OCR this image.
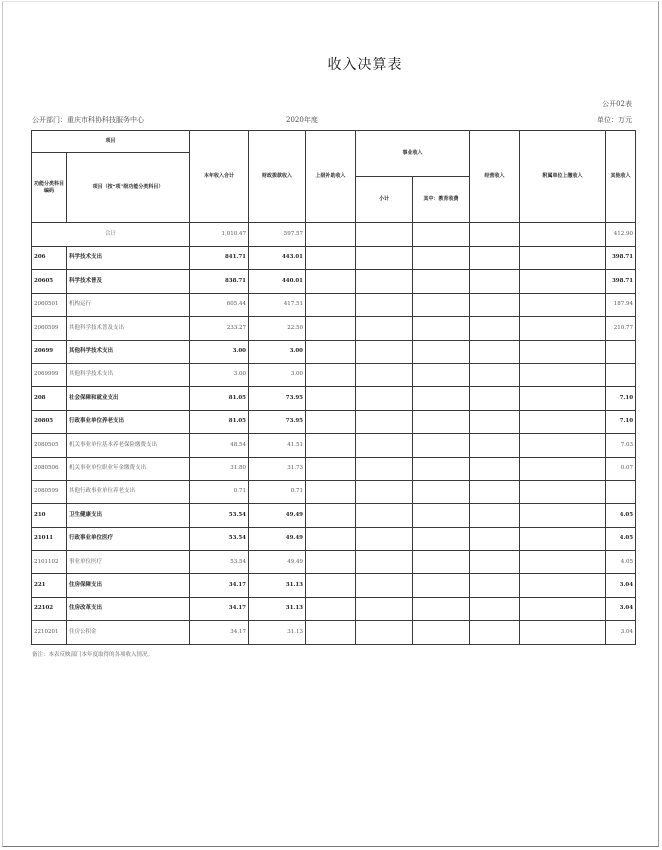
收入决算表
公开02表
公开部门：重庆市科协科技服务中心	2020年度	单位：万元
项目		本年收入合计	财政拨款收入	上级补助收入	事业收入		经营收入	附属单位上缴收入	其他收入
功能分类科目编码	项目（按“项”级功能分类科目）								
					小计	其中：教育收费			
合计		1,010.47	597.57						412.90
206	科学技术支出	841.71	443.01						398.71
20605	科学技术普及	838.71	440.01						398.71
2060501	机构运行	605.44	417.51						187.94
2060599	其他科学技术普及支出	233.27	22.50						210.77
20699	其他科学技术支出	3.00	3.00						
2069999	其他科学技术支出	3.00	3.00						
208	社会保障和就业支出	81.05	73.95						7.10
20805	行政事业单位养老支出	81.05	73.95						7.10
2080505	机关事业单位基本养老保险缴费支出	48.54	41.51						7.03
2080506	机关事业单位职业年金缴费支出	31.80	31.73						0.07
2080599	其他行政事业单位养老支出	0.71	0.71						
210	卫生健康支出	53.54	49.49						4.05
21011	行政事业单位医疗	53.54	49.49						4.05
2101102	事业单位医疗	53.54	49.49						4.05
221	住房保障支出	34.17	31.13						3.04
22102	住房改革支出	34.17	31.13						3.04
2210201	住房公积金	34.17	31.13						3.04
备注：本表反映部门本年度取得的各项收入情况。
